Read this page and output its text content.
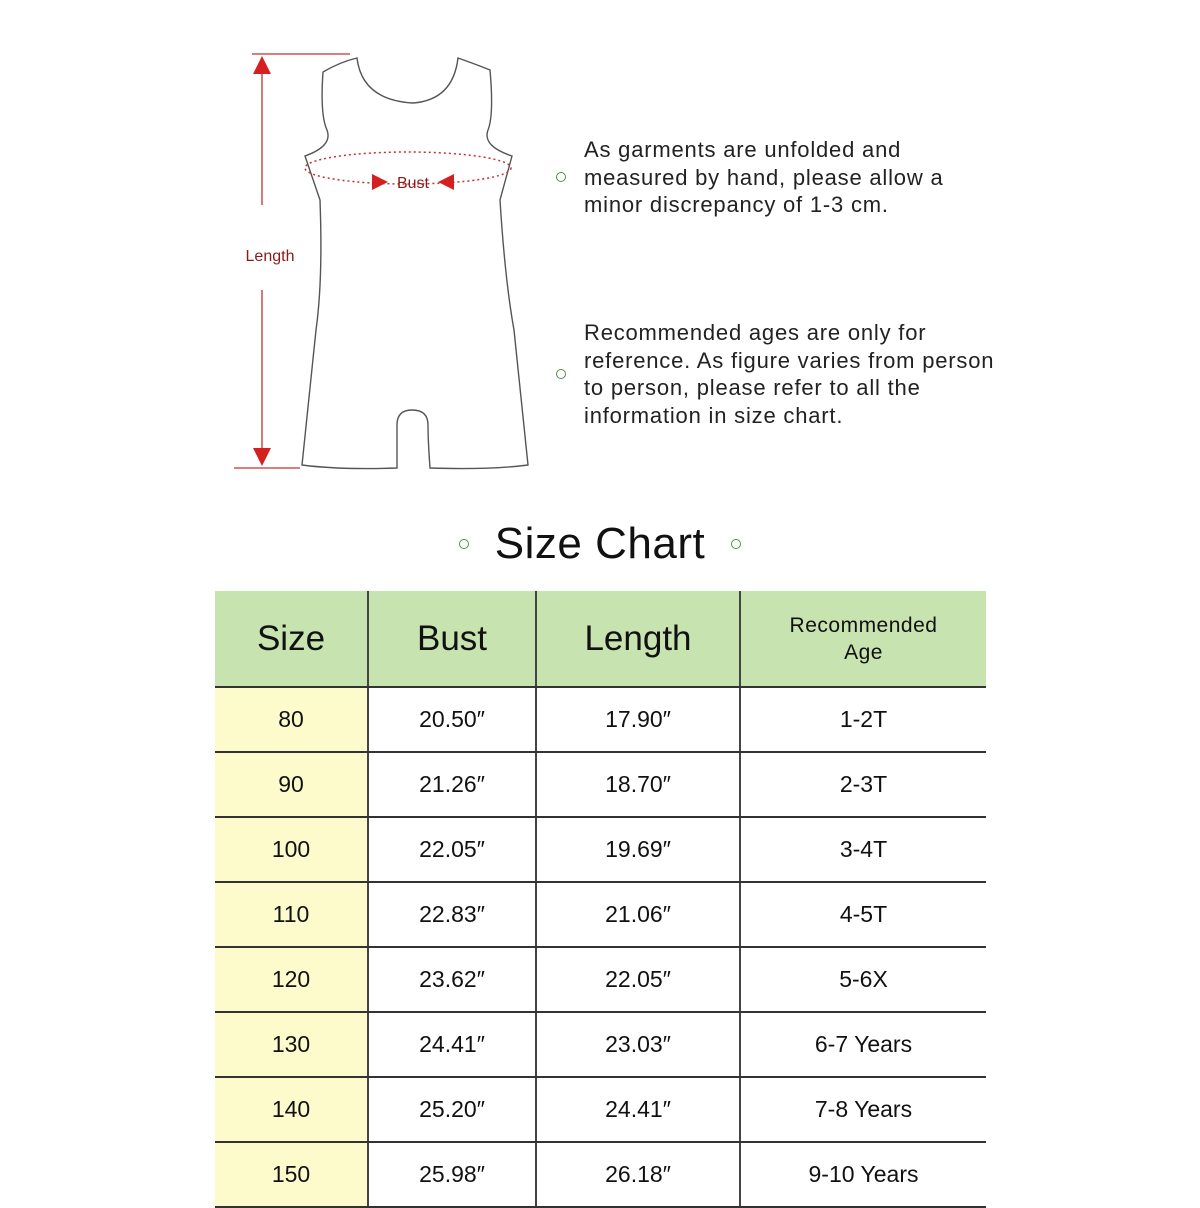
Bust
Length
As garments are unfolded and measured by hand, please allow a minor discrepancy of 1-3 cm.
Recommended ages are only for reference. As figure varies from person to person, please refer to all the information in size chart.
Size Chart
Size	Bust	Length	Recommended Age
80	20.50″	17.90″	1-2T
90	21.26″	18.70″	2-3T
100	22.05″	19.69″	3-4T
110	22.83″	21.06″	4-5T
120	23.62″	22.05″	5-6X
130	24.41″	23.03″	6-7 Years
140	25.20″	24.41″	7-8 Years
150	25.98″	26.18″	9-10 Years
